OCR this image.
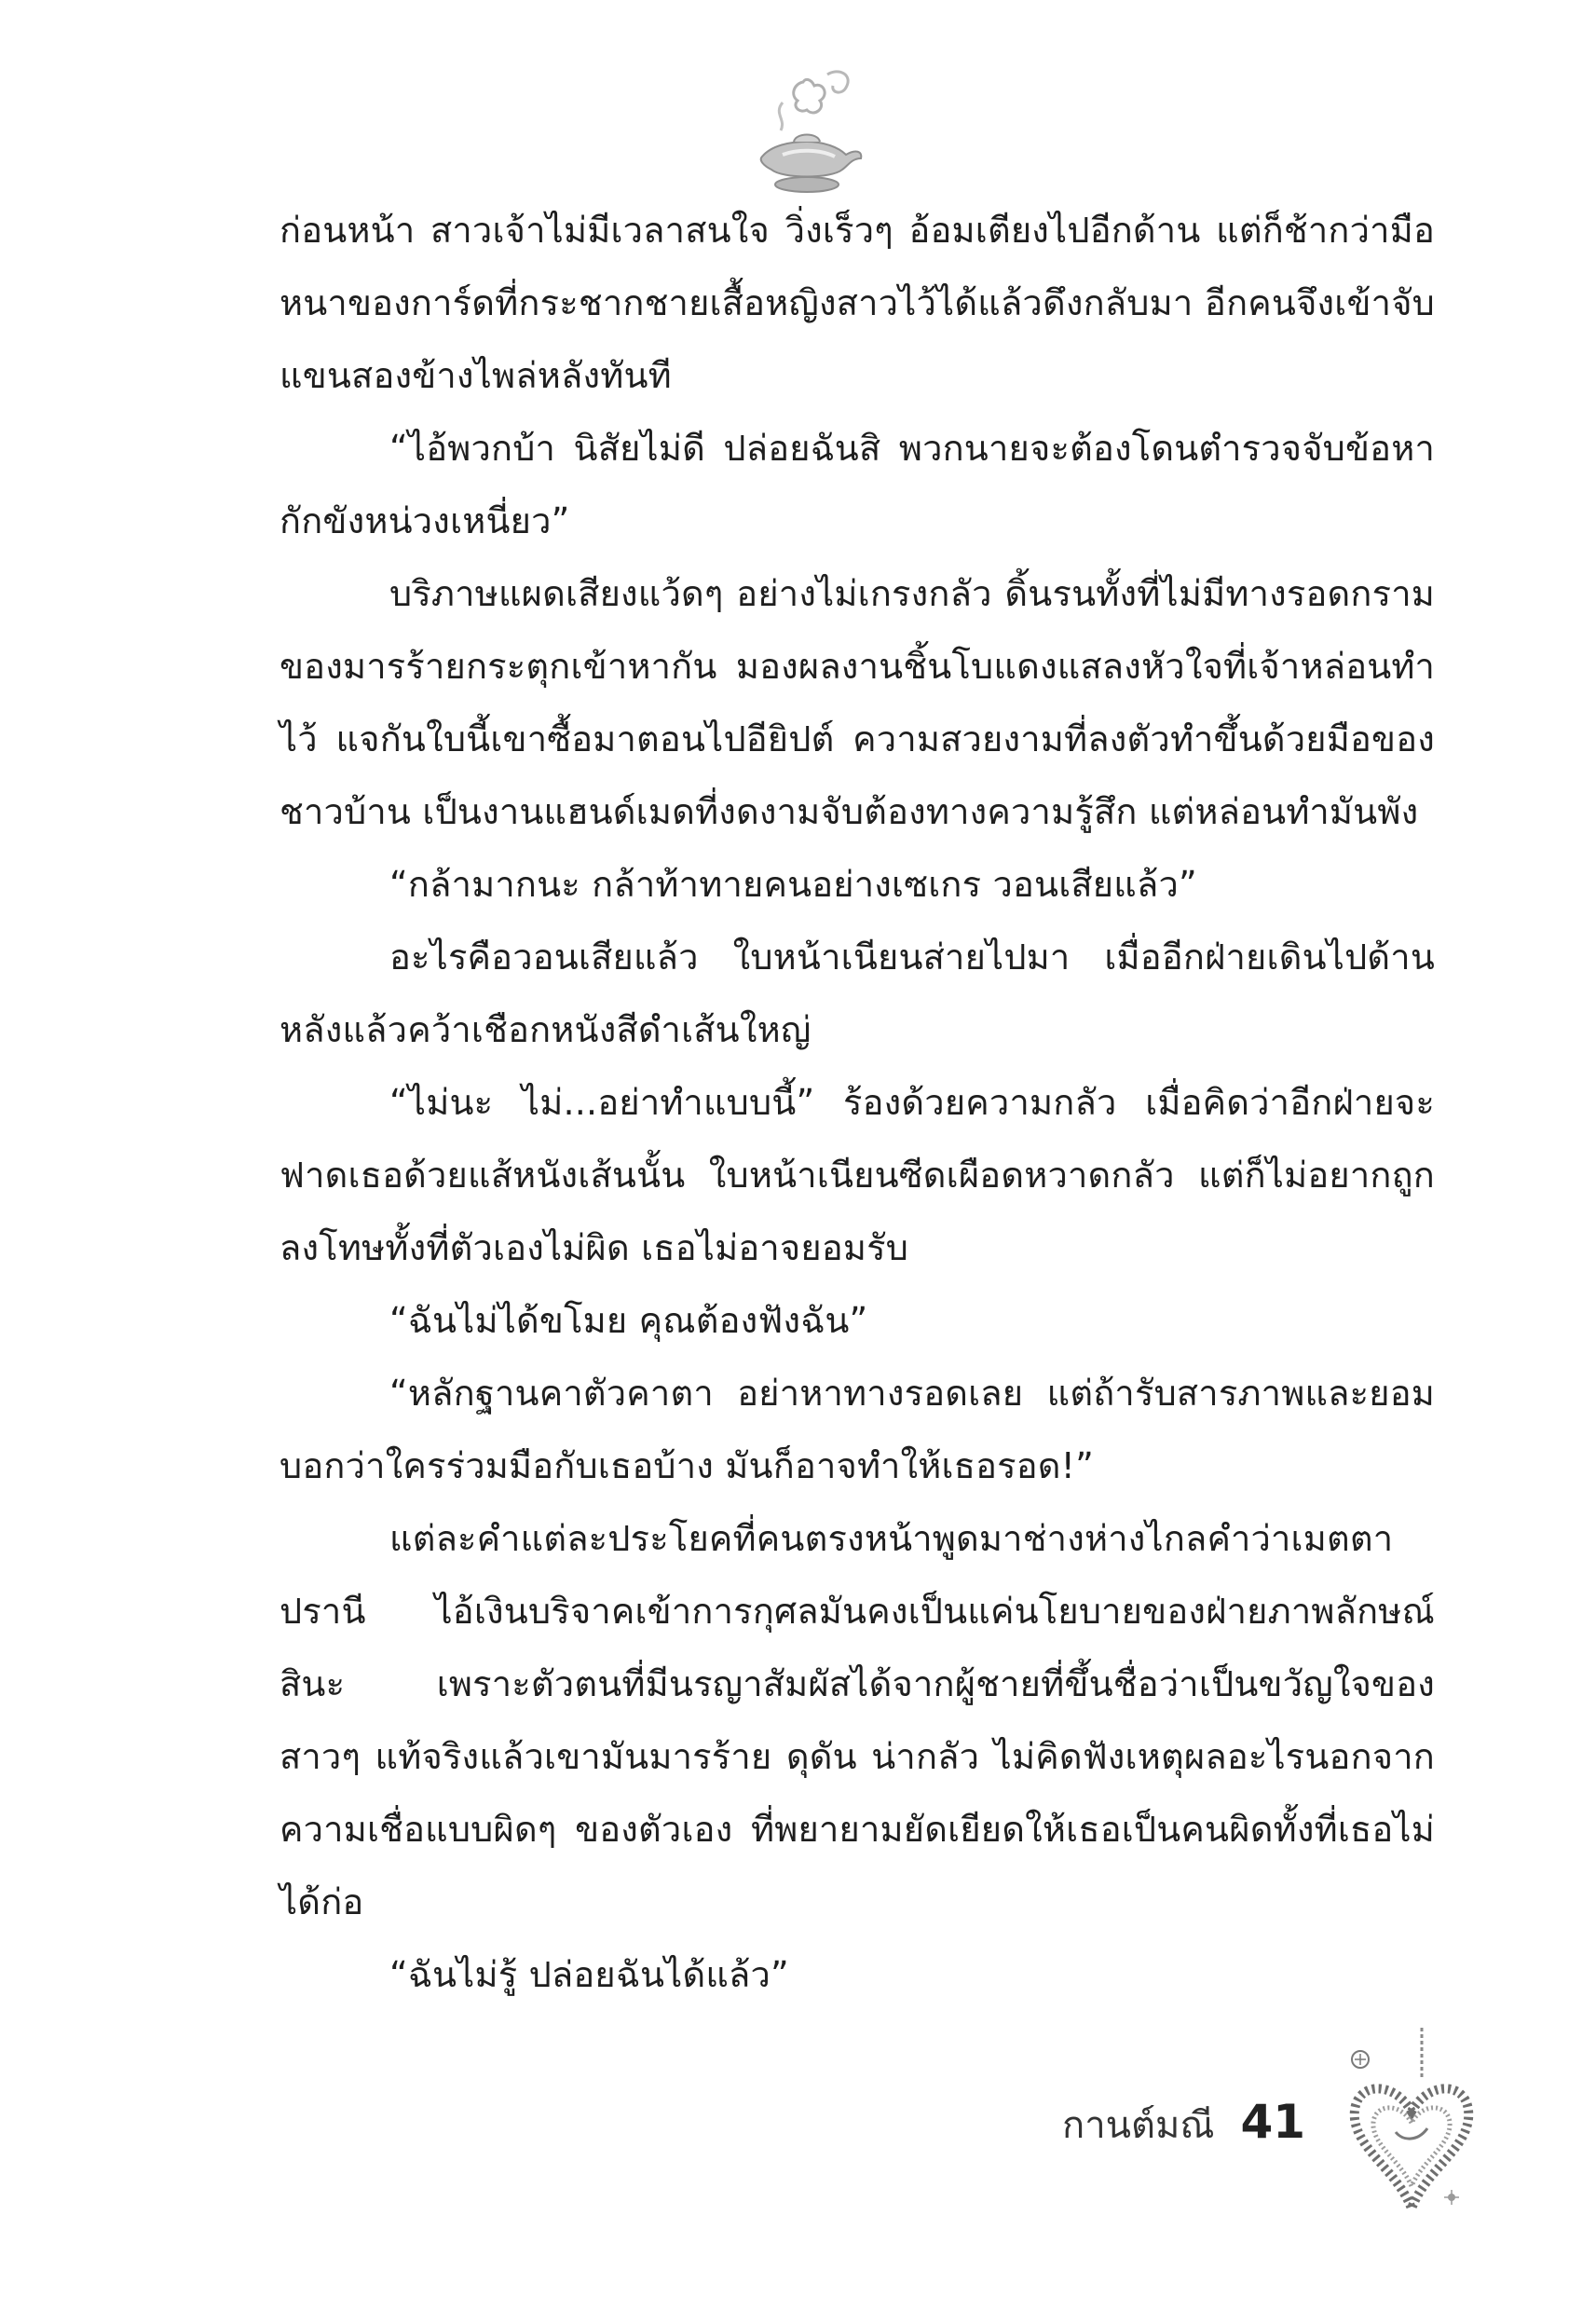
ก่อนหน้า สาวเจ้าไม่มีเวลาสนใจ วิ่งเร็วๆ อ้อมเตียงไปอีกด้าน แต่ก็ช้ากว่ามือหนาของการ์ดที่กระชากชายเสื้อหญิงสาวไว้ได้แล้วดึงกลับมา อีกคนจึงเข้าจับแขนสองข้างไพล่หลังทันที

“ไอ้พวกบ้า นิสัยไม่ดี ปล่อยฉันสิ พวกนายจะต้องโดนตำรวจจับข้อหากักขังหน่วงเหนี่ยว”

บริภาษแผดเสียงแว้ดๆ อย่างไม่เกรงกลัว ดิ้นรนทั้งที่ไม่มีทางรอดกรามของมารร้ายกระตุกเข้าหากัน มองผลงานชิ้นโบแดงแสลงหัวใจที่เจ้าหล่อนทำไว้ แจกันใบนี้เขาซื้อมาตอนไปอียิปต์ ความสวยงามที่ลงตัวทำขึ้นด้วยมือของชาวบ้าน เป็นงานแฮนด์เมดที่งดงามจับต้องทางความรู้สึก แต่หล่อนทำมันพัง

“กล้ามากนะ กล้าท้าทายคนอย่างเซเกร วอนเสียแล้ว”

อะไรคือวอนเสียแล้ว ใบหน้าเนียนส่ายไปมา เมื่ออีกฝ่ายเดินไปด้านหลังแล้วคว้าเชือกหนังสีดำเส้นใหญ่

“ไม่นะ ไม่...อย่าทำแบบนี้” ร้องด้วยความกลัว เมื่อคิดว่าอีกฝ่ายจะฟาดเธอด้วยแส้หนังเส้นนั้น ใบหน้าเนียนซีดเผือดหวาดกลัว แต่ก็ไม่อยากถูกลงโทษทั้งที่ตัวเองไม่ผิด เธอไม่อาจยอมรับ

“ฉันไม่ได้ขโมย คุณต้องฟังฉัน”

“หลักฐานคาตัวคาตา อย่าหาทางรอดเลย แต่ถ้ารับสารภาพและยอมบอกว่าใครร่วมมือกับเธอบ้าง มันก็อาจทำให้เธอรอด!”

แต่ละคำแต่ละประโยคที่คนตรงหน้าพูดมาช่างห่างไกลคำว่าเมตตาปรานี ไอ้เงินบริจาคเข้าการกุศลมันคงเป็นแค่นโยบายของฝ่ายภาพลักษณ์สินะ เพราะตัวตนที่มีนรญาสัมผัสได้จากผู้ชายที่ขึ้นชื่อว่าเป็นขวัญใจของสาวๆ แท้จริงแล้วเขามันมารร้าย ดุดัน น่ากลัว ไม่คิดฟังเหตุผลอะไรนอกจากความเชื่อแบบผิดๆ ของตัวเอง ที่พยายามยัดเยียดให้เธอเป็นคนผิดทั้งที่เธอไม่ได้ก่อ

“ฉันไม่รู้ ปล่อยฉันได้แล้ว”

กานต์มณี 41
